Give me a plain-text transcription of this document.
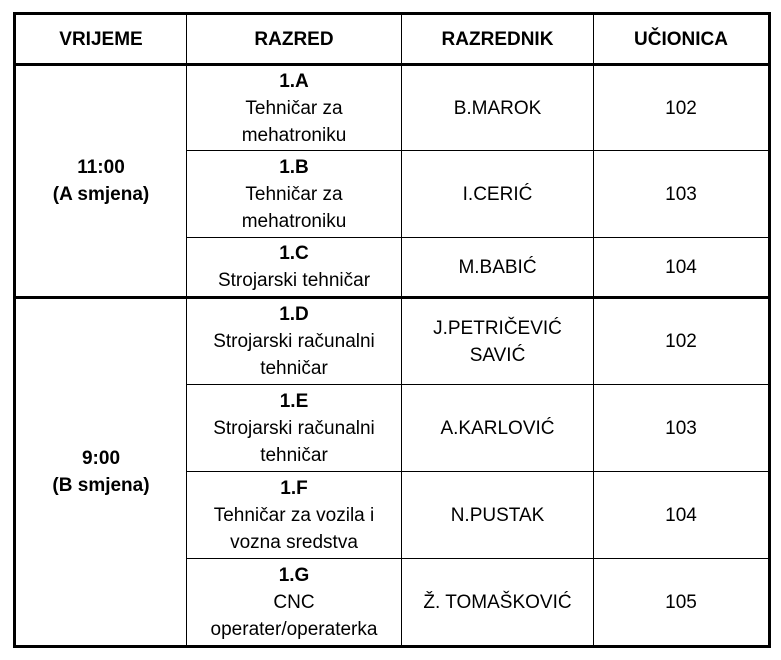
VRIJEME	RAZRED	RAZREDNIK	UČIONICA

11:00
(A smjena)	1.A
Tehničar za
mehatroniku	B.MAROK	102

	1.B
Tehničar za
mehatroniku	I.CERIĆ	103

	1.C
Strojarski tehničar	M.BABIĆ	104

9:00
(B smjena)	1.D
Strojarski računalni
tehničar	J.PETRIČEVIĆ
SAVIĆ	102

	1.E
Strojarski računalni
tehničar	A.KARLOVIĆ	103

	1.F
Tehničar za vozila i
vozna sredstva	N.PUSTAK	104

	1.G
CNC
operater/operaterka	Ž. TOMAŠKOVIĆ	105
